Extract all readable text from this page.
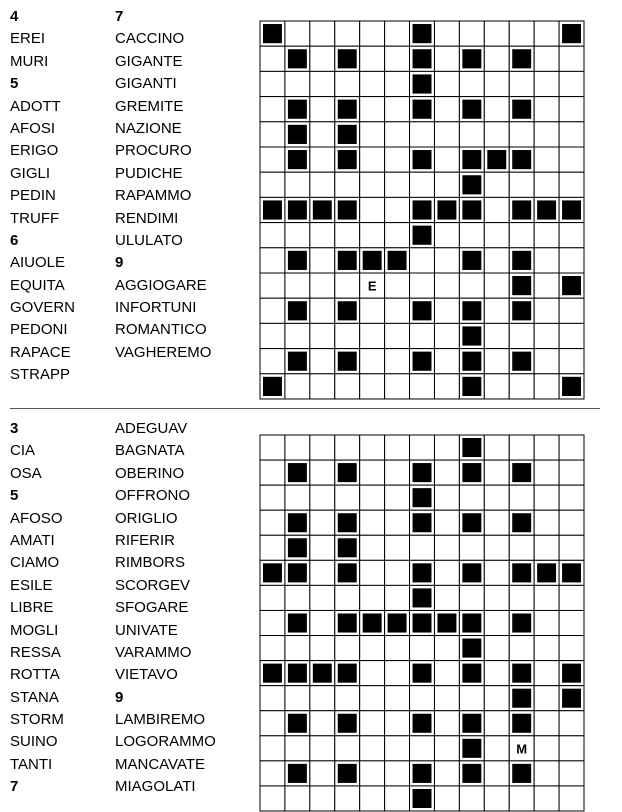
4
EREI
MURI
5
ADOTT
AFOSI
ERIGO
GIGLI
PEDIN
TRUFF
6
AIUOLE
EQUITA
GOVERN
PEDONI
RAPACE
STRAPP
7
CACCINO
GIGANTE
GIGANTI
GREMITE
NAZIONE
PROCURO
PUDICHE
RAPAMMO
RENDIMI
ULULATO
9
AGGIOGARE
INFORTUNI
ROMANTICO
VAGHEREMO
E
3
CIA
OSA
5
AFOSO
AMATI
CIAMO
ESILE
LIBRE
MOGLI
RESSA
ROTTA
STANA
STORM
SUINO
TANTI
7
ADEGUAV
BAGNATA
OBERINO
OFFRONO
ORIGLIO
RIFERIR
RIMBORS
SCORGEV
SFOGARE
UNIVATE
VARAMMO
VIETAVO
9
LAMBIREMO
LOGORAMMO
MANCAVATE
MIAGOLATI
M
